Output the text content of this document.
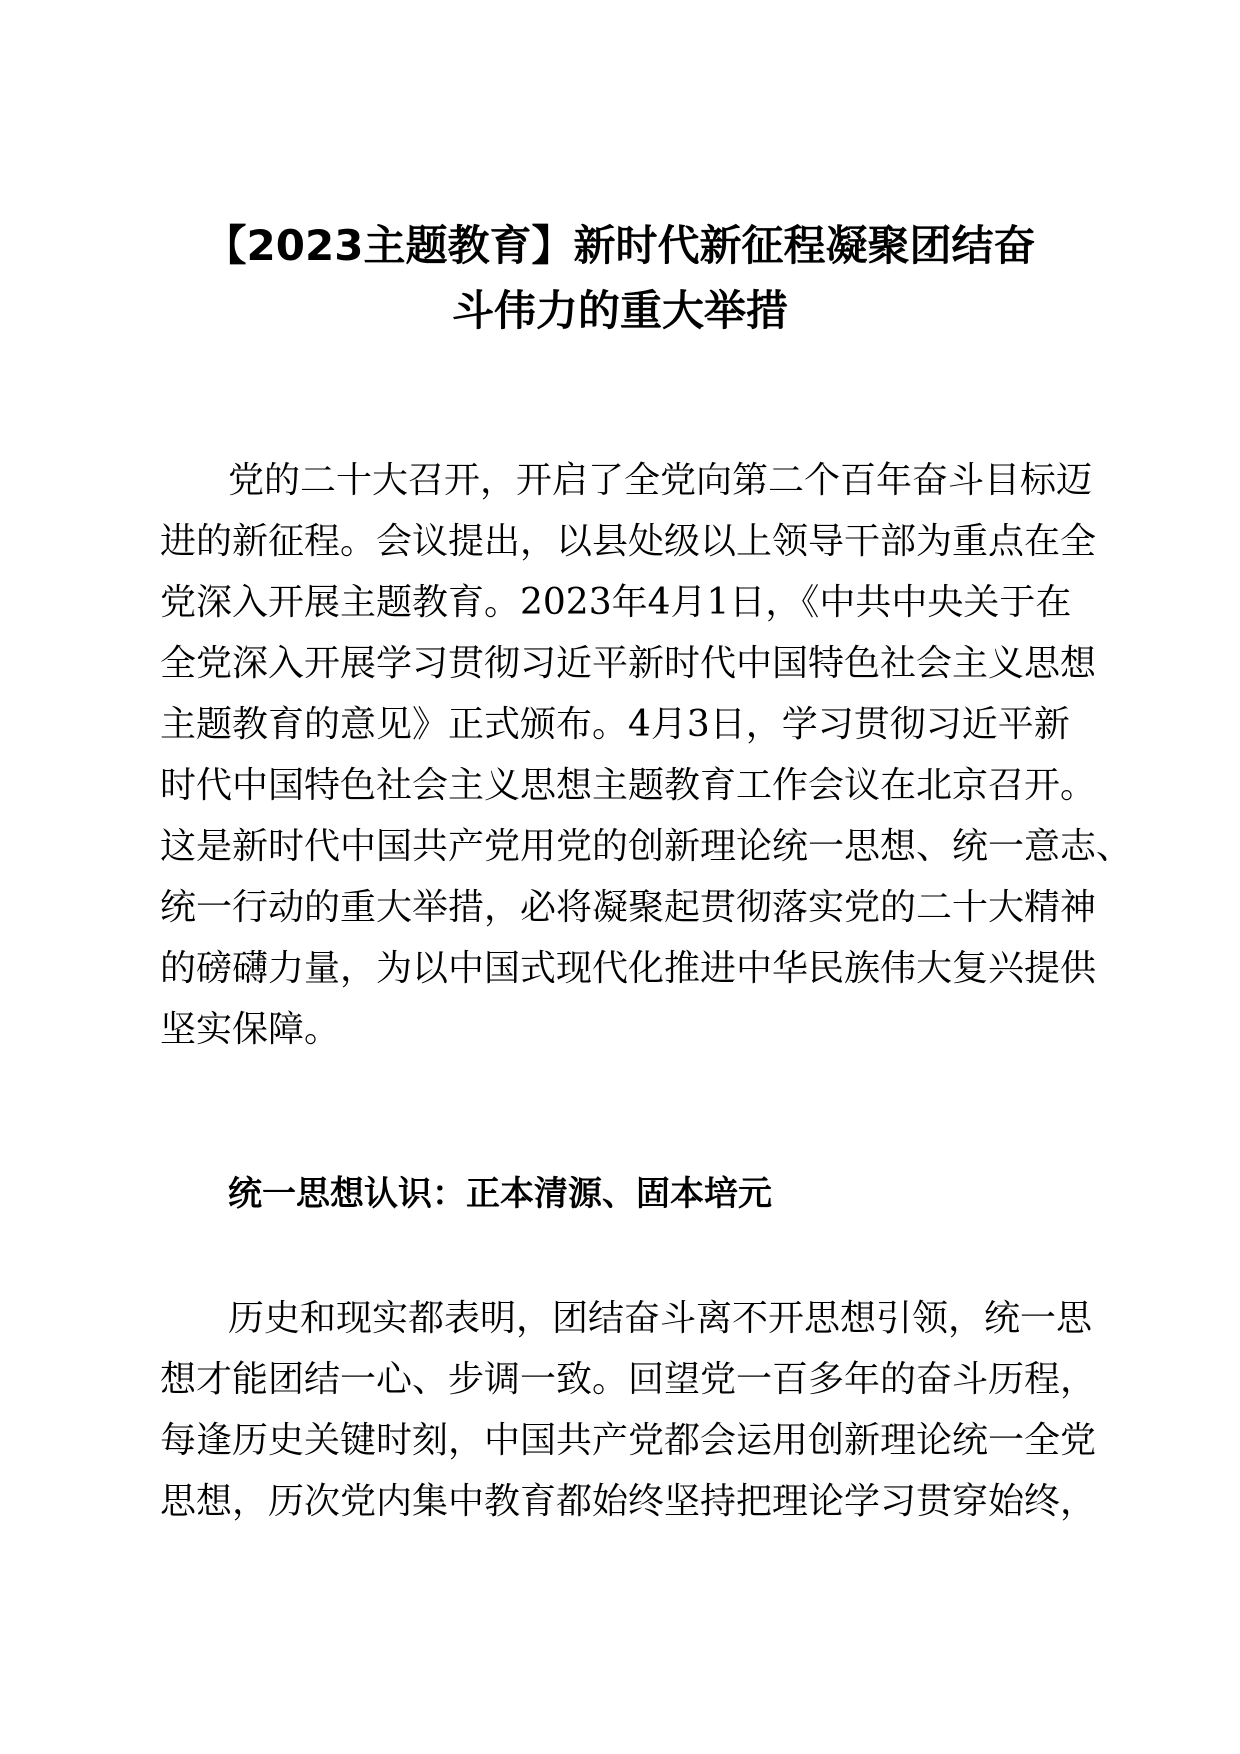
【2023主题教育】新时代新征程凝聚团结奋
斗伟力的重大举措

党的二十大召开，开启了全党向第二个百年奋斗目标迈

进的新征程。会议提出，以县处级以上领导干部为重点在全

党深入开展主题教育。2023年4月1日，《中共中央关于在

全党深入开展学习贯彻习近平新时代中国特色社会主义思想

主题教育的意见》正式颁布。4月3日，学习贯彻习近平新

时代中国特色社会主义思想主题教育工作会议在北京召开。

这是新时代中国共产党用党的创新理论统一思想、统一意志、

统一行动的重大举措，必将凝聚起贯彻落实党的二十大精神

的磅礴力量，为以中国式现代化推进中华民族伟大复兴提供

坚实保障。

统一思想认识：正本清源、固本培元

历史和现实都表明，团结奋斗离不开思想引领，统一思

想才能团结一心、步调一致。回望党一百多年的奋斗历程，

每逢历史关键时刻，中国共产党都会运用创新理论统一全党

思想，历次党内集中教育都始终坚持把理论学习贯穿始终，
